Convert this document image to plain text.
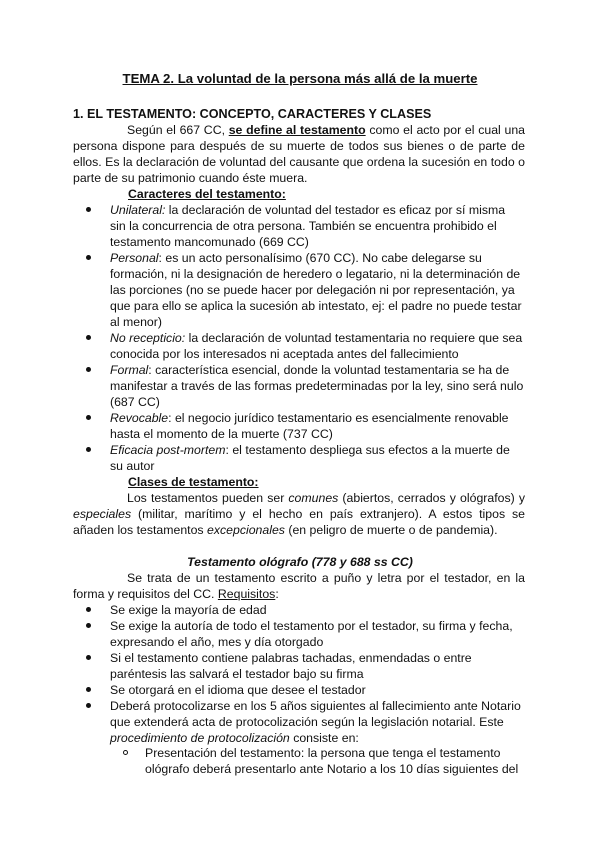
TEMA 2. La voluntad de la persona más allá de la muerte
1. EL TESTAMENTO: CONCEPTO, CARACTERES Y CLASES
Según el 667 CC, se define al testamento como el acto por el cual una persona dispone para después de su muerte de todos sus bienes o de parte de ellos. Es la declaración de voluntad del causante que ordena la sucesión en todo o parte de su patrimonio cuando éste muera.
Caracteres del testamento:
Unilateral: la declaración de voluntad del testador es eficaz por sí misma sin la concurrencia de otra persona. También se encuentra prohibido el testamento mancomunado (669 CC)
Personal: es un acto personalísimo (670 CC). No cabe delegarse su formación, ni la designación de heredero o legatario, ni la determinación de las porciones (no se puede hacer por delegación ni por representación, ya que para ello se aplica la sucesión ab intestato, ej: el padre no puede testar al menor)
No recepticio: la declaración de voluntad testamentaria no requiere que sea conocida por los interesados ni aceptada antes del fallecimiento
Formal: característica esencial, donde la voluntad testamentaria se ha de manifestar a través de las formas predeterminadas por la ley, sino será nulo (687 CC)
Revocable: el negocio jurídico testamentario es esencialmente renovable hasta el momento de la muerte (737 CC)
Eficacia post-mortem: el testamento despliega sus efectos a la muerte de su autor
Clases de testamento:
Los testamentos pueden ser comunes (abiertos, cerrados y ológrafos) y especiales (militar, marítimo y el hecho en país extranjero). A estos tipos se añaden los testamentos excepcionales (en peligro de muerte o de pandemia).
Testamento ológrafo (778 y 688 ss CC)
Se trata de un testamento escrito a puño y letra por el testador, en la forma y requisitos del CC. Requisitos:
Se exige la mayoría de edad
Se exige la autoría de todo el testamento por el testador, su firma y fecha, expresando el año, mes y día otorgado
Si el testamento contiene palabras tachadas, enmendadas o entre paréntesis las salvará el testador bajo su firma
Se otorgará en el idioma que desee el testador
Deberá protocolizarse en los 5 años siguientes al fallecimiento ante Notario que extenderá acta de protocolización según la legislación notarial. Este procedimiento de protocolización consiste en:
Presentación del testamento: la persona que tenga el testamento ológrafo deberá presentarlo ante Notario a los 10 días siguientes del
